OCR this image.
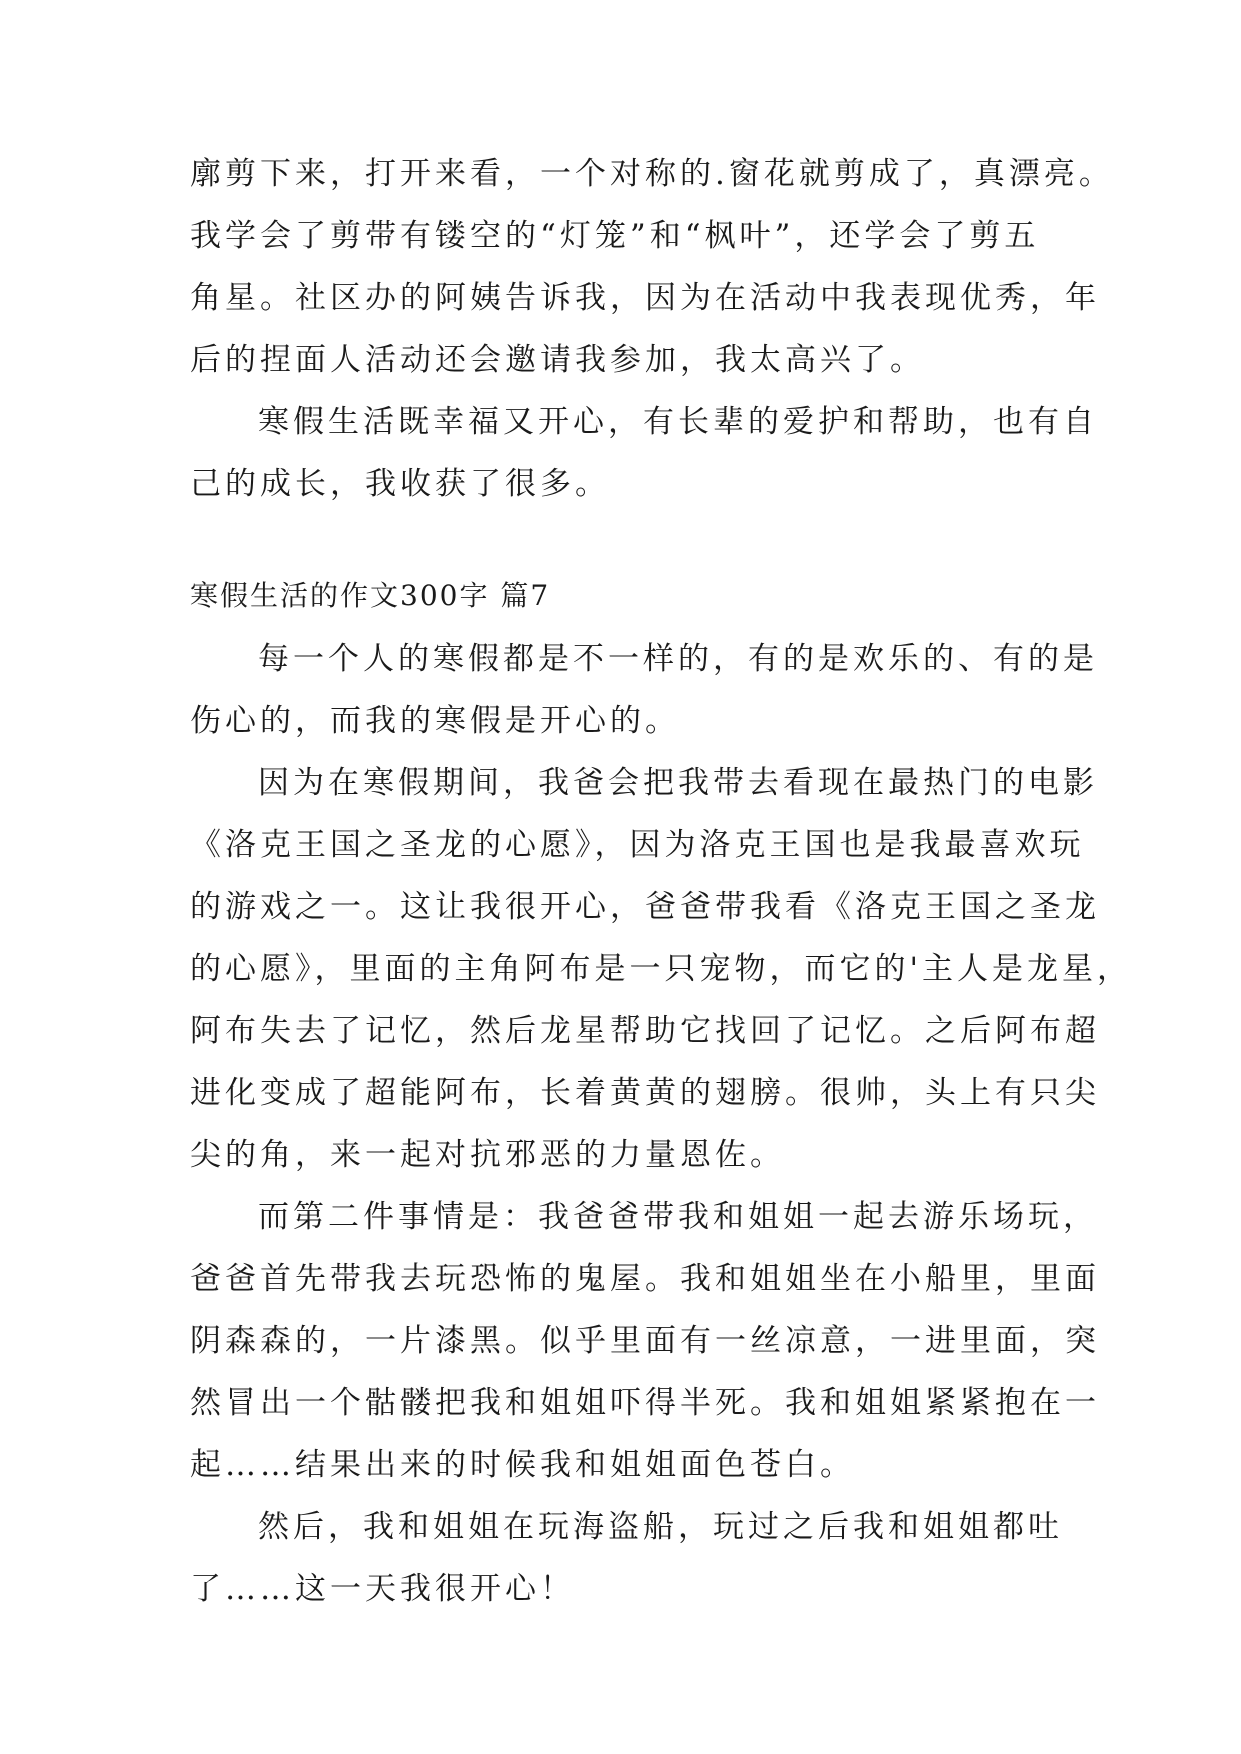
廓剪下来，打开来看，一个对称的.窗花就剪成了，真漂亮。
我学会了剪带有镂空的“灯笼”和“枫叶”，还学会了剪五
角星。社区办的阿姨告诉我，因为在活动中我表现优秀，年
后的捏面人活动还会邀请我参加，我太高兴了。
寒假生活既幸福又开心，有长辈的爱护和帮助，也有自
己的成长，我收获了很多。
寒假生活的作文300字 篇7
每一个人的寒假都是不一样的，有的是欢乐的、有的是
伤心的，而我的寒假是开心的。
因为在寒假期间，我爸会把我带去看现在最热门的电影
《洛克王国之圣龙的心愿》，因为洛克王国也是我最喜欢玩
的游戏之一。这让我很开心，爸爸带我看《洛克王国之圣龙
的心愿》，里面的主角阿布是一只宠物，而它的'主人是龙星，
阿布失去了记忆，然后龙星帮助它找回了记忆。之后阿布超
进化变成了超能阿布，长着黄黄的翅膀。很帅，头上有只尖
尖的角，来一起对抗邪恶的力量恩佐。
而第二件事情是：我爸爸带我和姐姐一起去游乐场玩，
爸爸首先带我去玩恐怖的鬼屋。我和姐姐坐在小船里，里面
阴森森的，一片漆黑。似乎里面有一丝凉意，一进里面，突
然冒出一个骷髅把我和姐姐吓得半死。我和姐姐紧紧抱在一
起……结果出来的时候我和姐姐面色苍白。
然后，我和姐姐在玩海盗船，玩过之后我和姐姐都吐
了……这一天我很开心！
